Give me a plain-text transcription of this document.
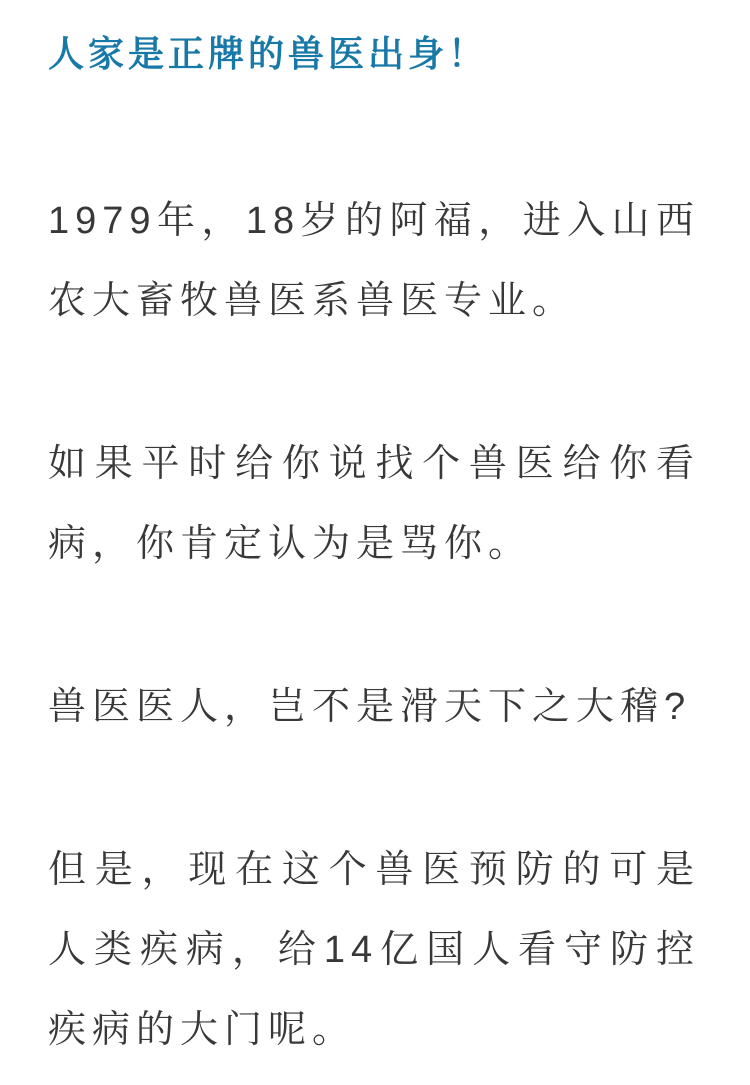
人家是正牌的兽医出身！

1979年，18岁的阿福，进入山西农大畜牧兽医系兽医专业。

如果平时给你说找个兽医给你看病，你肯定认为是骂你。

兽医医人，岂不是滑天下之大稽?

但是，现在这个兽医预防的可是人类疾病，给14亿国人看守防控疾病的大门呢。
